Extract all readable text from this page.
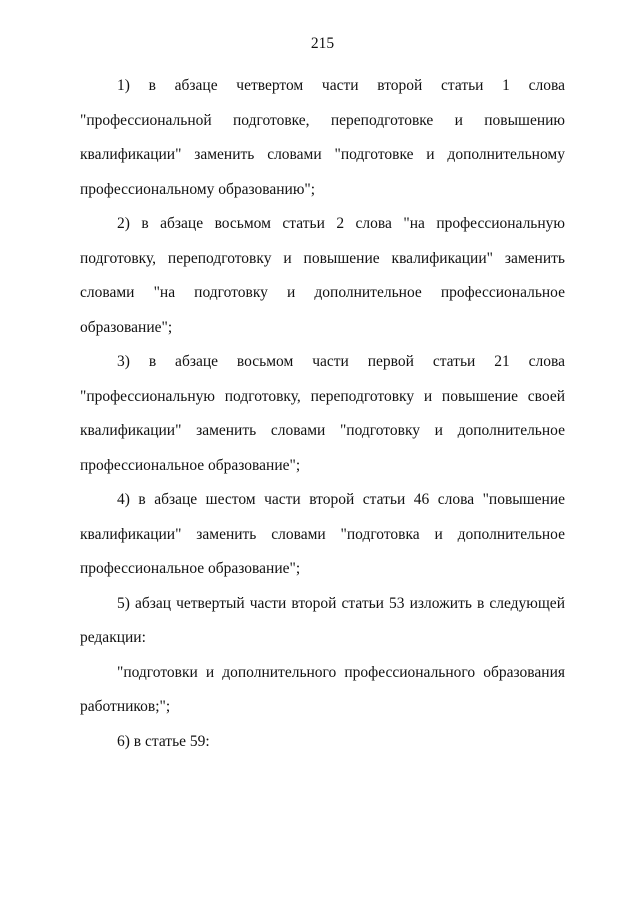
215

1) в абзаце четвертом части второй статьи 1 слова "профессиональной подготовке, переподготовке и повышению квалификации" заменить словами "подготовке и дополнительному профессиональному образованию";

2) в абзаце восьмом статьи 2 слова "на профессиональную подготовку, переподготовку и повышение квалификации" заменить словами "на подготовку и дополнительное профессиональное образование";

3) в абзаце восьмом части первой статьи 21 слова "профессиональную подготовку, переподготовку и повышение своей квалификации" заменить словами "подготовку и дополнительное профессиональное образование";

4) в абзаце шестом части второй статьи 46 слова "повышение квалификации" заменить словами "подготовка и дополнительное профессиональное образование";

5) абзац четвертый части второй статьи 53 изложить в следующей редакции:

"подготовки и дополнительного профессионального образования работников;";

6) в статье 59:
